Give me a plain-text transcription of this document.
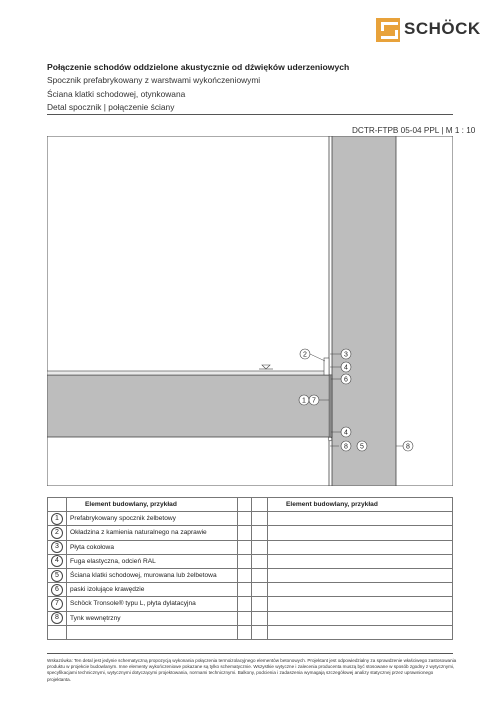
SCHÖCK
Połączenie schodów oddzielone akustycznie od dźwięków uderzeniowych
Spocznik prefabrykowany z warstwami wykończeniowymi
Ściana klatki schodowej, otynkowana
Detal spocznik | połączenie ściany
DCTR-FTPB 05-04 PPL | M 1 : 10
2	3
4
6
1 7
4
8 5	8
	Element budowlany, przykład			Element budowlany, przykład
1	Prefabrykowany spocznik żelbetowy			
2	Okładzina z kamienia naturalnego na zaprawie			
3	Płyta cokołowa			
4	Fuga elastyczna, odcień RAL			
5	Ściana klatki schodowej, murowana lub żelbetowa			
6	paski izolujące krawędzie			
7	Schöck Tronsole® typu L, płyta dylatacyjna			
8	Tynk wewnętrzny			

Wskazówka: Ten detal jest jedynie schematyczną propozycją wykonania połączenia termoizolacyjnego elementów betonowych. Projektant jest odpowiedzialny za sprawdzenie właściwego zastosowania produktu w projekcie budowlanym. Inne elementy wykończeniowe pokazane są tylko schematycznie. Wszystkie wytyczne i zalecenia producenta muszą być stosowane w sposób zgodny z wytycznymi, specyfikacjami technicznymi, wytycznymi dotyczącymi projektowania, normami technicznymi. Balkony, podcienia i zadaszenia wymagają szczegółowej analizy statycznej przez uprawnionego projektanta.
